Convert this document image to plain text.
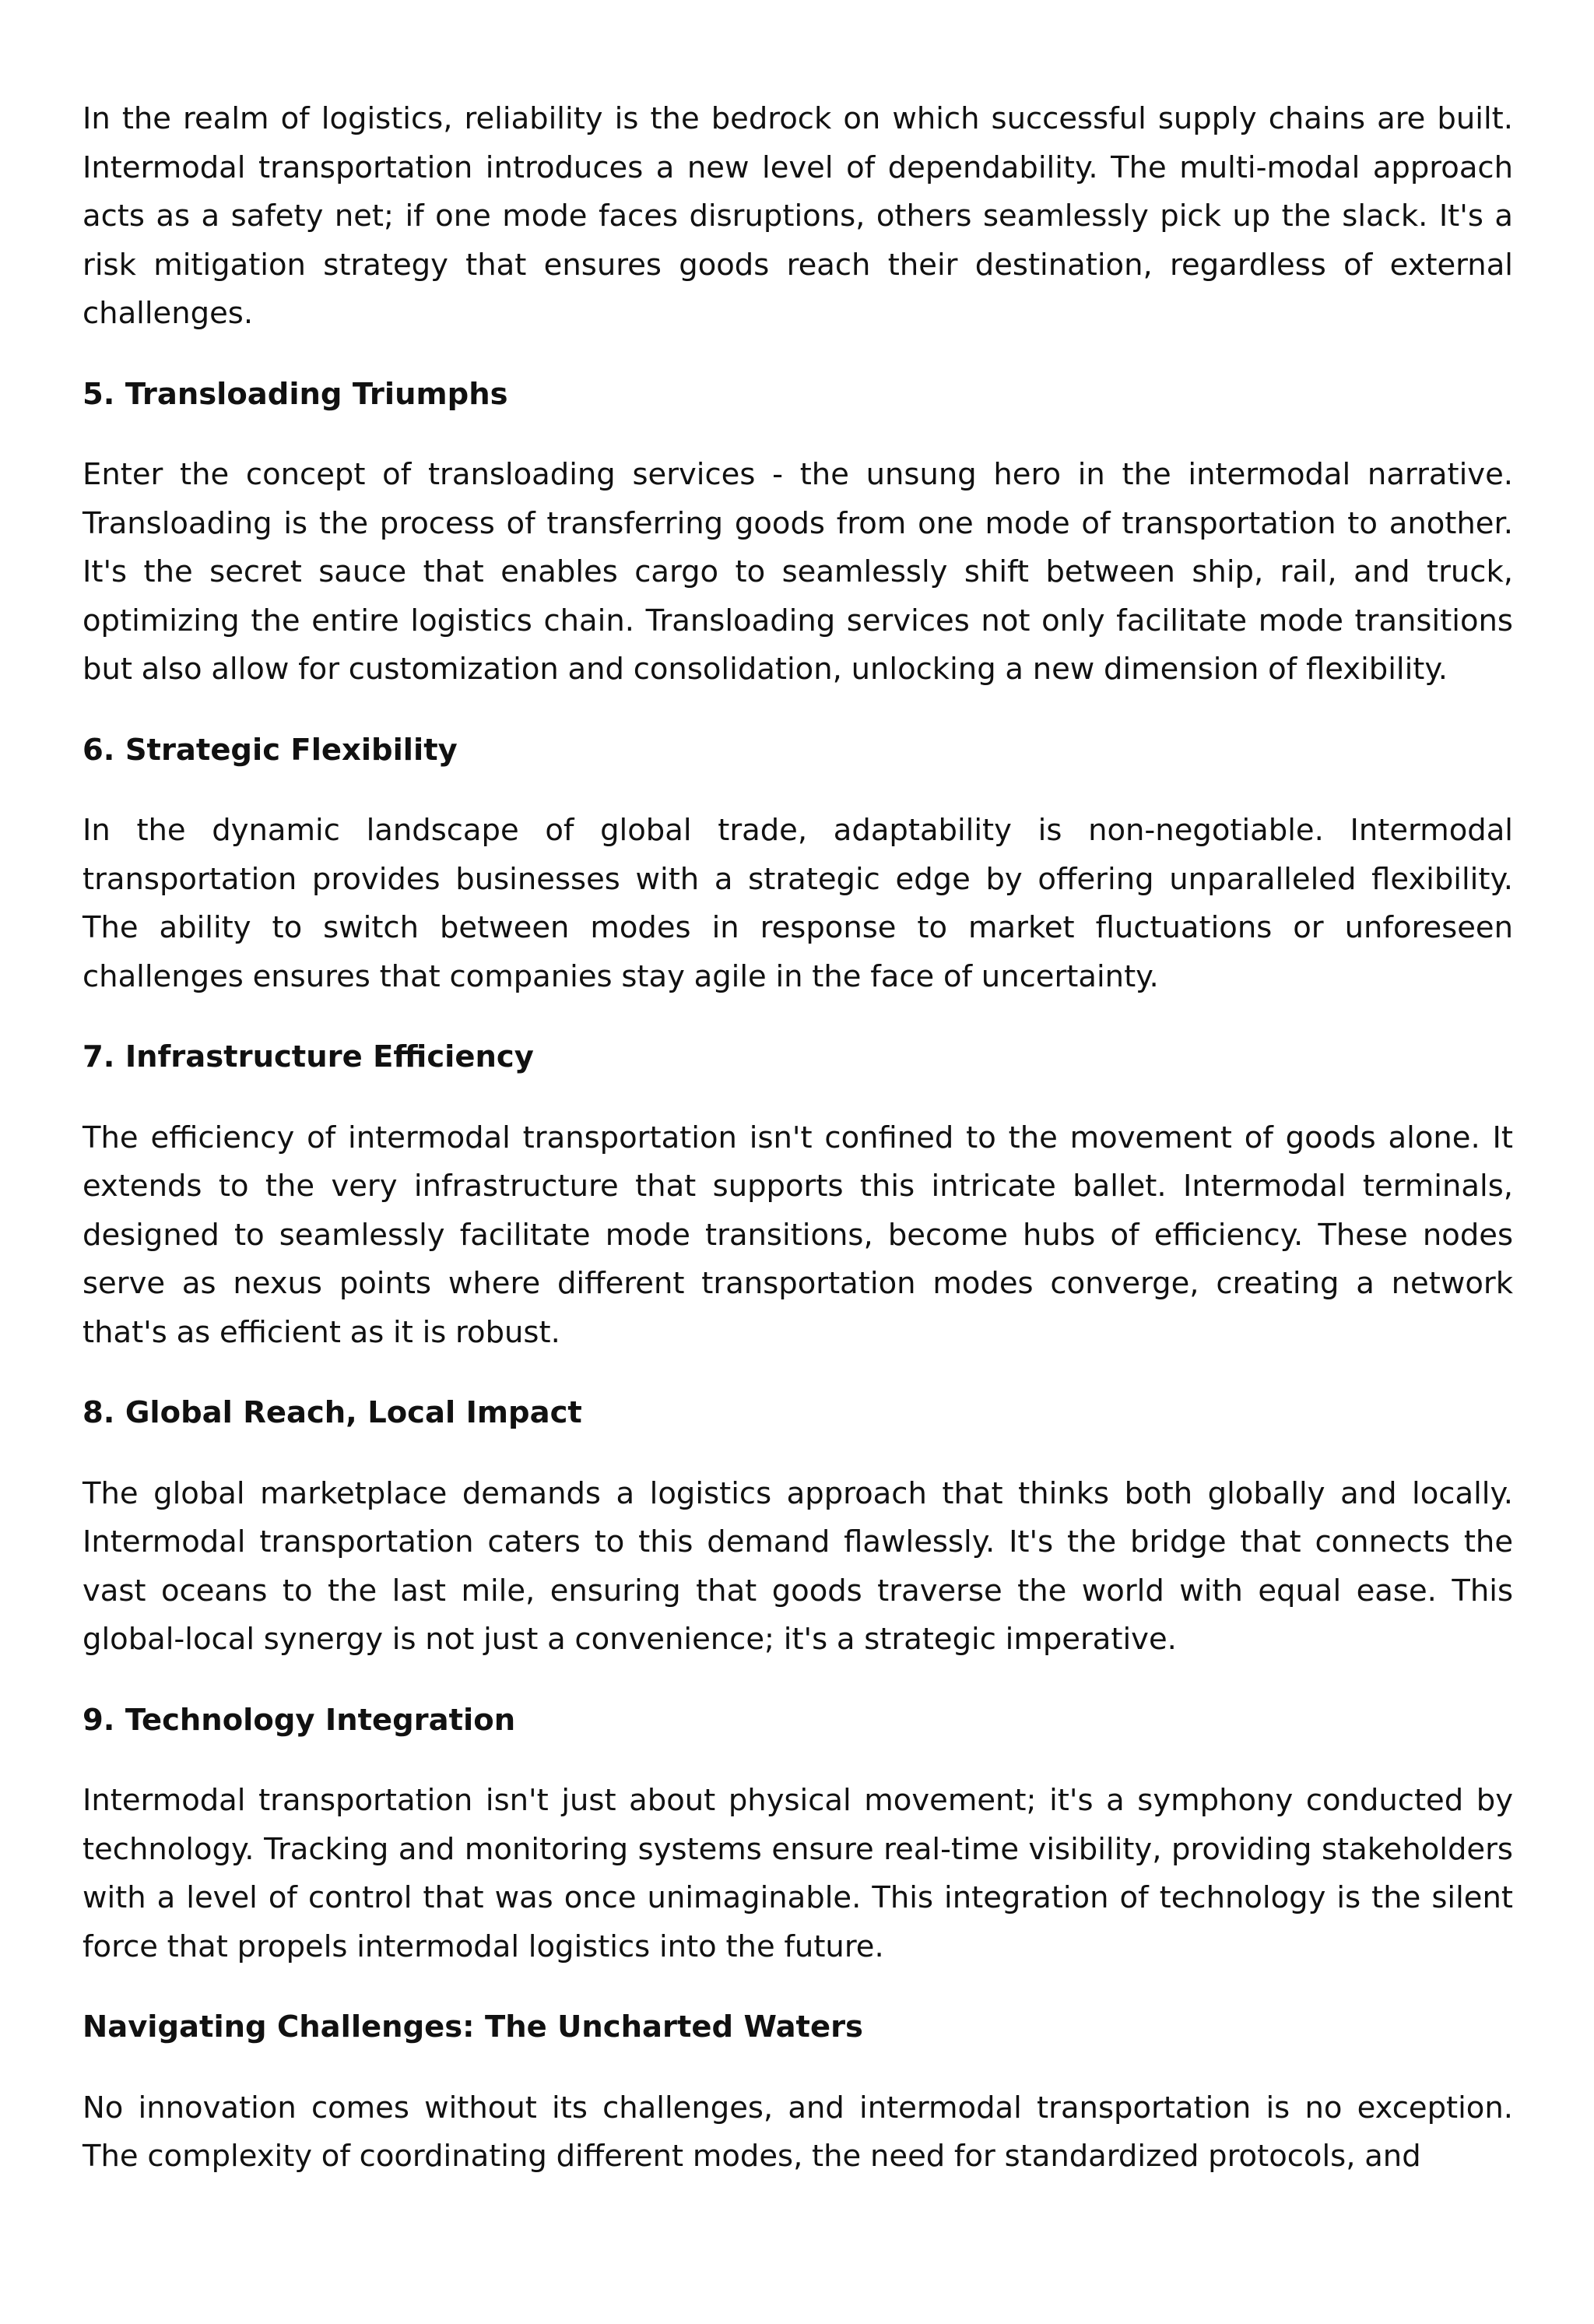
In the realm of logistics, reliability is the bedrock on which successful supply chains are built. Intermodal transportation introduces a new level of dependability. The multi-modal approach acts as a safety net; if one mode faces disruptions, others seamlessly pick up the slack. It's a risk mitigation strategy that ensures goods reach their destination, regardless of external challenges.

5. Transloading Triumphs

Enter the concept of transloading services - the unsung hero in the intermodal narrative. Transloading is the process of transferring goods from one mode of transportation to another. It's the secret sauce that enables cargo to seamlessly shift between ship, rail, and truck, optimizing the entire logistics chain. Transloading services not only facilitate mode transitions but also allow for customization and consolidation, unlocking a new dimension of flexibility.

6. Strategic Flexibility

In the dynamic landscape of global trade, adaptability is non-negotiable. Intermodal transportation provides businesses with a strategic edge by offering unparalleled flexibility. The ability to switch between modes in response to market fluctuations or unforeseen challenges ensures that companies stay agile in the face of uncertainty.

7. Infrastructure Efficiency

The efficiency of intermodal transportation isn't confined to the movement of goods alone. It extends to the very infrastructure that supports this intricate ballet. Intermodal terminals, designed to seamlessly facilitate mode transitions, become hubs of efficiency. These nodes serve as nexus points where different transportation modes converge, creating a network that's as efficient as it is robust.

8. Global Reach, Local Impact

The global marketplace demands a logistics approach that thinks both globally and locally. Intermodal transportation caters to this demand flawlessly. It's the bridge that connects the vast oceans to the last mile, ensuring that goods traverse the world with equal ease. This global-local synergy is not just a convenience; it's a strategic imperative.

9. Technology Integration

Intermodal transportation isn't just about physical movement; it's a symphony conducted by technology. Tracking and monitoring systems ensure real-time visibility, providing stakeholders with a level of control that was once unimaginable. This integration of technology is the silent force that propels intermodal logistics into the future.

Navigating Challenges: The Uncharted Waters

No innovation comes without its challenges, and intermodal transportation is no exception. The complexity of coordinating different modes, the need for standardized protocols, and
